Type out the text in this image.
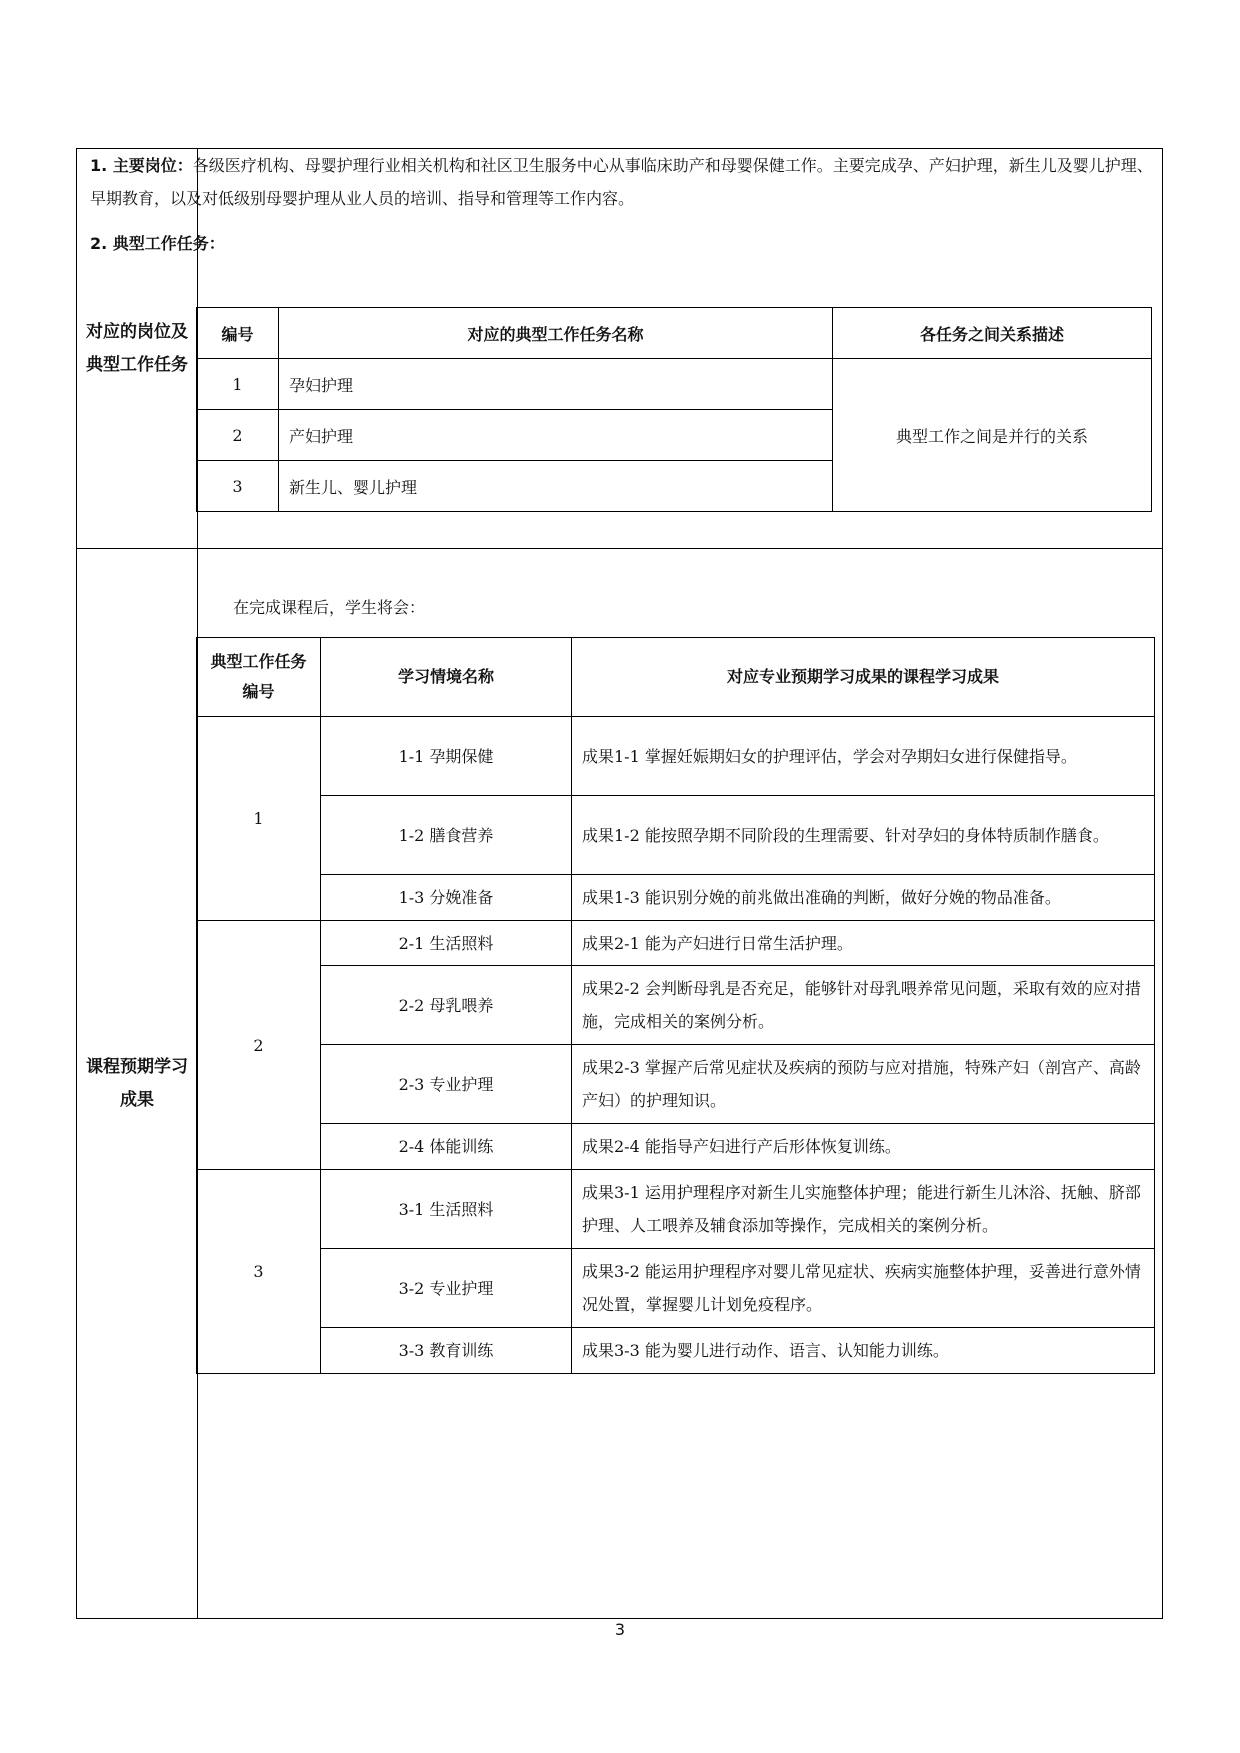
对应的岗位及典型工作任务	1. 主要岗位：各级医疗机构、母婴护理行业相关机构和社区卫生服务中心从事临床助产和母婴保健工作。主要完成孕、产妇护理，新生儿及婴儿护理、早期教育，以及对低级别母婴护理从业人员的培训、指导和管理等工作内容。

2. 典型工作任务：

课程预期学习成果	
编号	对应的典型工作任务名称	各任务之间关系描述
1	孕妇护理	典型工作之间是并行的关系
2	产妇护理	
3	新生儿、婴儿护理	

在完成课程后，学生将会：

典型工作任务编号	学习情境名称	对应专业预期学习成果的课程学习成果
1	1-1 孕期保健	成果1-1 掌握妊娠期妇女的护理评估，学会对孕期妇女进行保健指导。
	1-2 膳食营养	成果1-2 能按照孕期不同阶段的生理需要、针对孕妇的身体特质制作膳食。
	1-3 分娩准备	成果1-3 能识别分娩的前兆做出准确的判断，做好分娩的物品准备。
2	2-1 生活照料	成果2-1 能为产妇进行日常生活护理。
	2-2 母乳喂养	成果2-2 会判断母乳是否充足，能够针对母乳喂养常见问题，采取有效的应对措施，完成相关的案例分析。
	2-3 专业护理	成果2-3 掌握产后常见症状及疾病的预防与应对措施，特殊产妇（剖宫产、高龄产妇）的护理知识。
	2-4 体能训练	成果2-4 能指导产妇进行产后形体恢复训练。
3	3-1 生活照料	成果3-1 运用护理程序对新生儿实施整体护理；能进行新生儿沐浴、抚触、脐部护理、人工喂养及辅食添加等操作，完成相关的案例分析。
	3-2 专业护理	成果3-2 能运用护理程序对婴儿常见症状、疾病实施整体护理，妥善进行意外情况处置，掌握婴儿计划免疫程序。
	3-3 教育训练	成果3-3 能为婴儿进行动作、语言、认知能力训练。
3
